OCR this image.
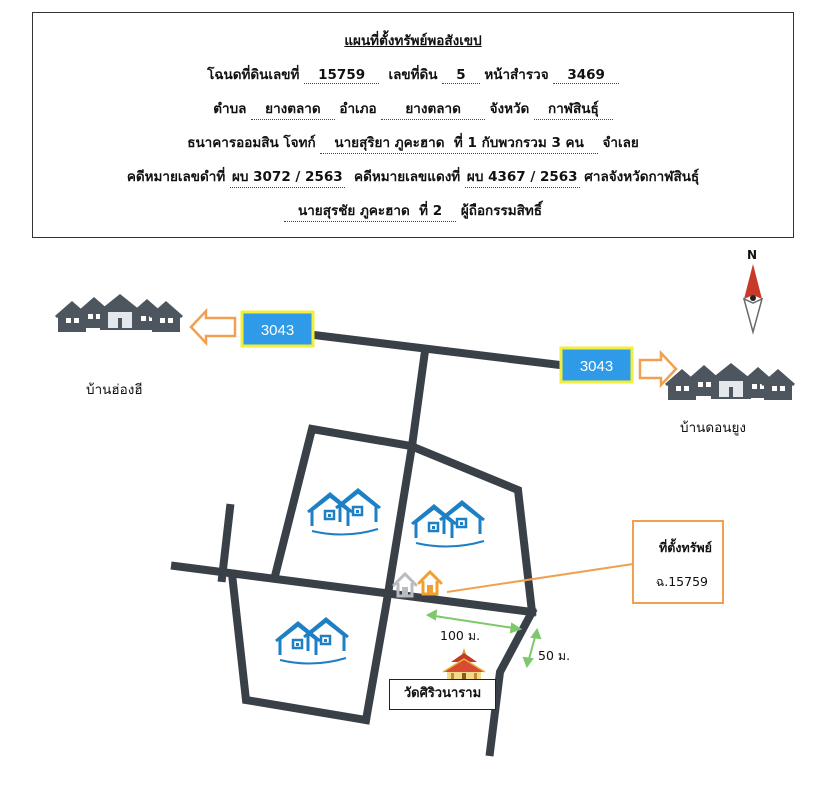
แผนที่ตั้งทรัพย์พอสังเขป
โฉนดที่ดินเลขที่ 15759 เลขที่ดิน 5 หน้าสำรวจ 3469
ตำบล ยางตลาด อำเภอ ยางตลาด จังหวัด กาฬสินธุ์
ธนาคารออมสิน โจทก์ นายสุริยา ภูคะฮาด ที่ 1 กับพวกรวม 3 คน จำเลย
คดีหมายเลขดำที่ ผบ 3072 / 2563 คดีหมายเลขแดงที่ ผบ 4367 / 2563 ศาลจังหวัดกาฬสินธุ์
นายสุรชัย ภูคะฮาด ที่ 2 ผู้ถือกรรมสิทธิ์
3043
3043
N
บ้านฮ่องฮี
บ้านดอนยูง
100 ม.
50 ม.
ที่ตั้งทรัพย์
ฉ.15759
วัดศิริวนาราม
